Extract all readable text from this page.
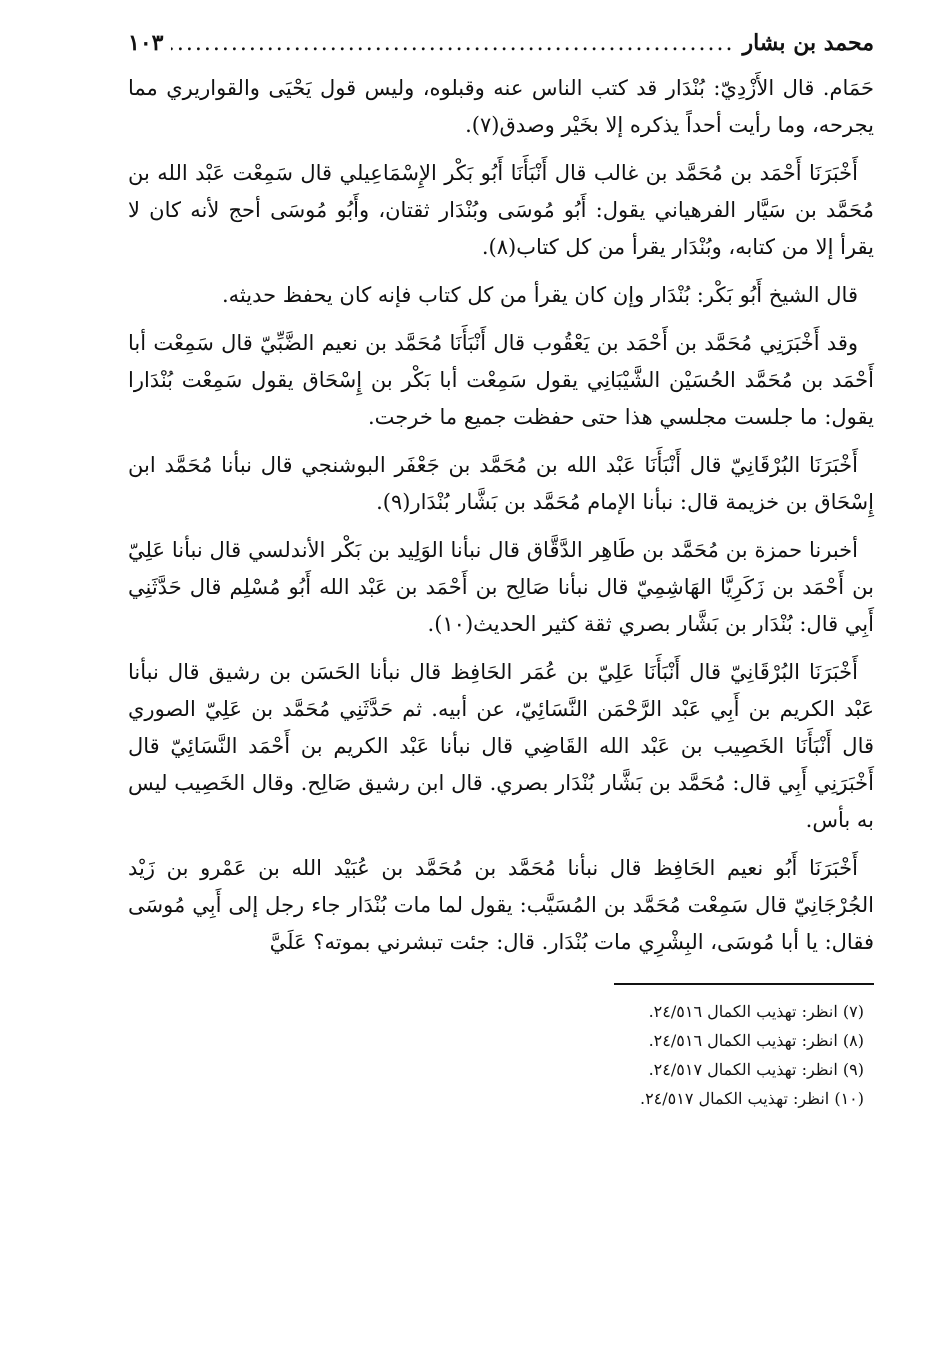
محمد بن بشار
.....
١٠٣

حَمَام. قال الأَزْدِيّ: بُنْدَار قد كتب الناس عنه وقبلوه، وليس قول يَحْيَى والقواريري مما يجرحه، وما رأيت أحداً يذكره إلا بخَيْر وصدق(٧).

أَخْبَرَنَا أَحْمَد بن مُحَمَّد بن غالب قال أَنْبَأَنَا أَبُو بَكْر الإِسْمَاعِيلي قال سَمِعْت عَبْد الله بن مُحَمَّد بن سَيَّار الفرهياني يقول: أَبُو مُوسَى وبُنْدَار ثقتان، وأَبُو مُوسَى أحج لأنه كان لا يقرأ إلا من كتابه، وبُنْدَار يقرأ من كل كتاب(٨).

قال الشيخ أَبُو بَكْر: بُنْدَار وإن كان يقرأ من كل كتاب فإنه كان يحفظ حديثه.

وقد أَخْبَرَنِي مُحَمَّد بن أَحْمَد بن يَعْقُوب قال أَنْبَأَنَا مُحَمَّد بن نعيم الضَّبِّيّ قال سَمِعْت أبا أَحْمَد بن مُحَمَّد الحُسَيْن الشَّيْبَانِي يقول سَمِعْت أبا بَكْر بن إِسْحَاق يقول سَمِعْت بُنْدَارا يقول: ما جلست مجلسي هذا حتى حفظت جميع ما خرجت.

أَخْبَرَنَا البُرْقَانِيّ قال أَنْبَأَنَا عَبْد الله بن مُحَمَّد بن جَعْفَر البوشنجي قال نبأنا مُحَمَّد ابن إِسْحَاق بن خزيمة قال: نبأنا الإمام مُحَمَّد بن بَشَّار بُنْدَار(٩).

أخبرنا حمزة بن مُحَمَّد بن طَاهِر الدَّقَّاق قال نبأنا الوَلِيد بن بَكْر الأندلسي قال نبأنا عَلِيّ بن أَحْمَد بن زَكَرِيَّا الهَاشِمِيّ قال نبأنا صَالِح بن أَحْمَد بن عَبْد الله أَبُو مُسْلِم قال حَدَّثَنِي أَبِي قال: بُنْدَار بن بَشَّار بصري ثقة كثير الحديث(١٠).

أَخْبَرَنَا البُرْقَانِيّ قال أَنْبَأَنَا عَلِيّ بن عُمَر الحَافِظ قال نبأنا الحَسَن بن رشيق قال نبأنا عَبْد الكريم بن أَبِي عَبْد الرَّحْمَن النَّسَائِيّ، عن أبيه. ثم حَدَّثَنِي مُحَمَّد بن عَلِيّ الصوري قال أَنْبَأَنَا الخَصِيب بن عَبْد الله القَاضِي قال نبأنا عَبْد الكريم بن أَحْمَد النَّسَائِيّ قال أَخْبَرَنِي أَبِي قال: مُحَمَّد بن بَشَّار بُنْدَار بصري. قال ابن رشيق صَالِح. وقال الخَصِيب ليس به بأس.

أَخْبَرَنَا أَبُو نعيم الحَافِظ قال نبأنا مُحَمَّد بن مُحَمَّد بن عُبَيْد الله بن عَمْرو بن زَيْد الجُرْجَانِيّ قال سَمِعْت مُحَمَّد بن المُسَيَّب: يقول لما مات بُنْدَار جاء رجل إلى أَبِي مُوسَى فقال: يا أبا مُوسَى، البِشْرِي مات بُنْدَار. قال: جئت تبشرني بموته؟ عَلَيَّ

(٧) انظر: تهذيب الكمال ٢٤/٥١٦.
(٨) انظر: تهذيب الكمال ٢٤/٥١٦.
(٩) انظر: تهذيب الكمال ٢٤/٥١٧.
(١٠) انظر: تهذيب الكمال ٢٤/٥١٧.
